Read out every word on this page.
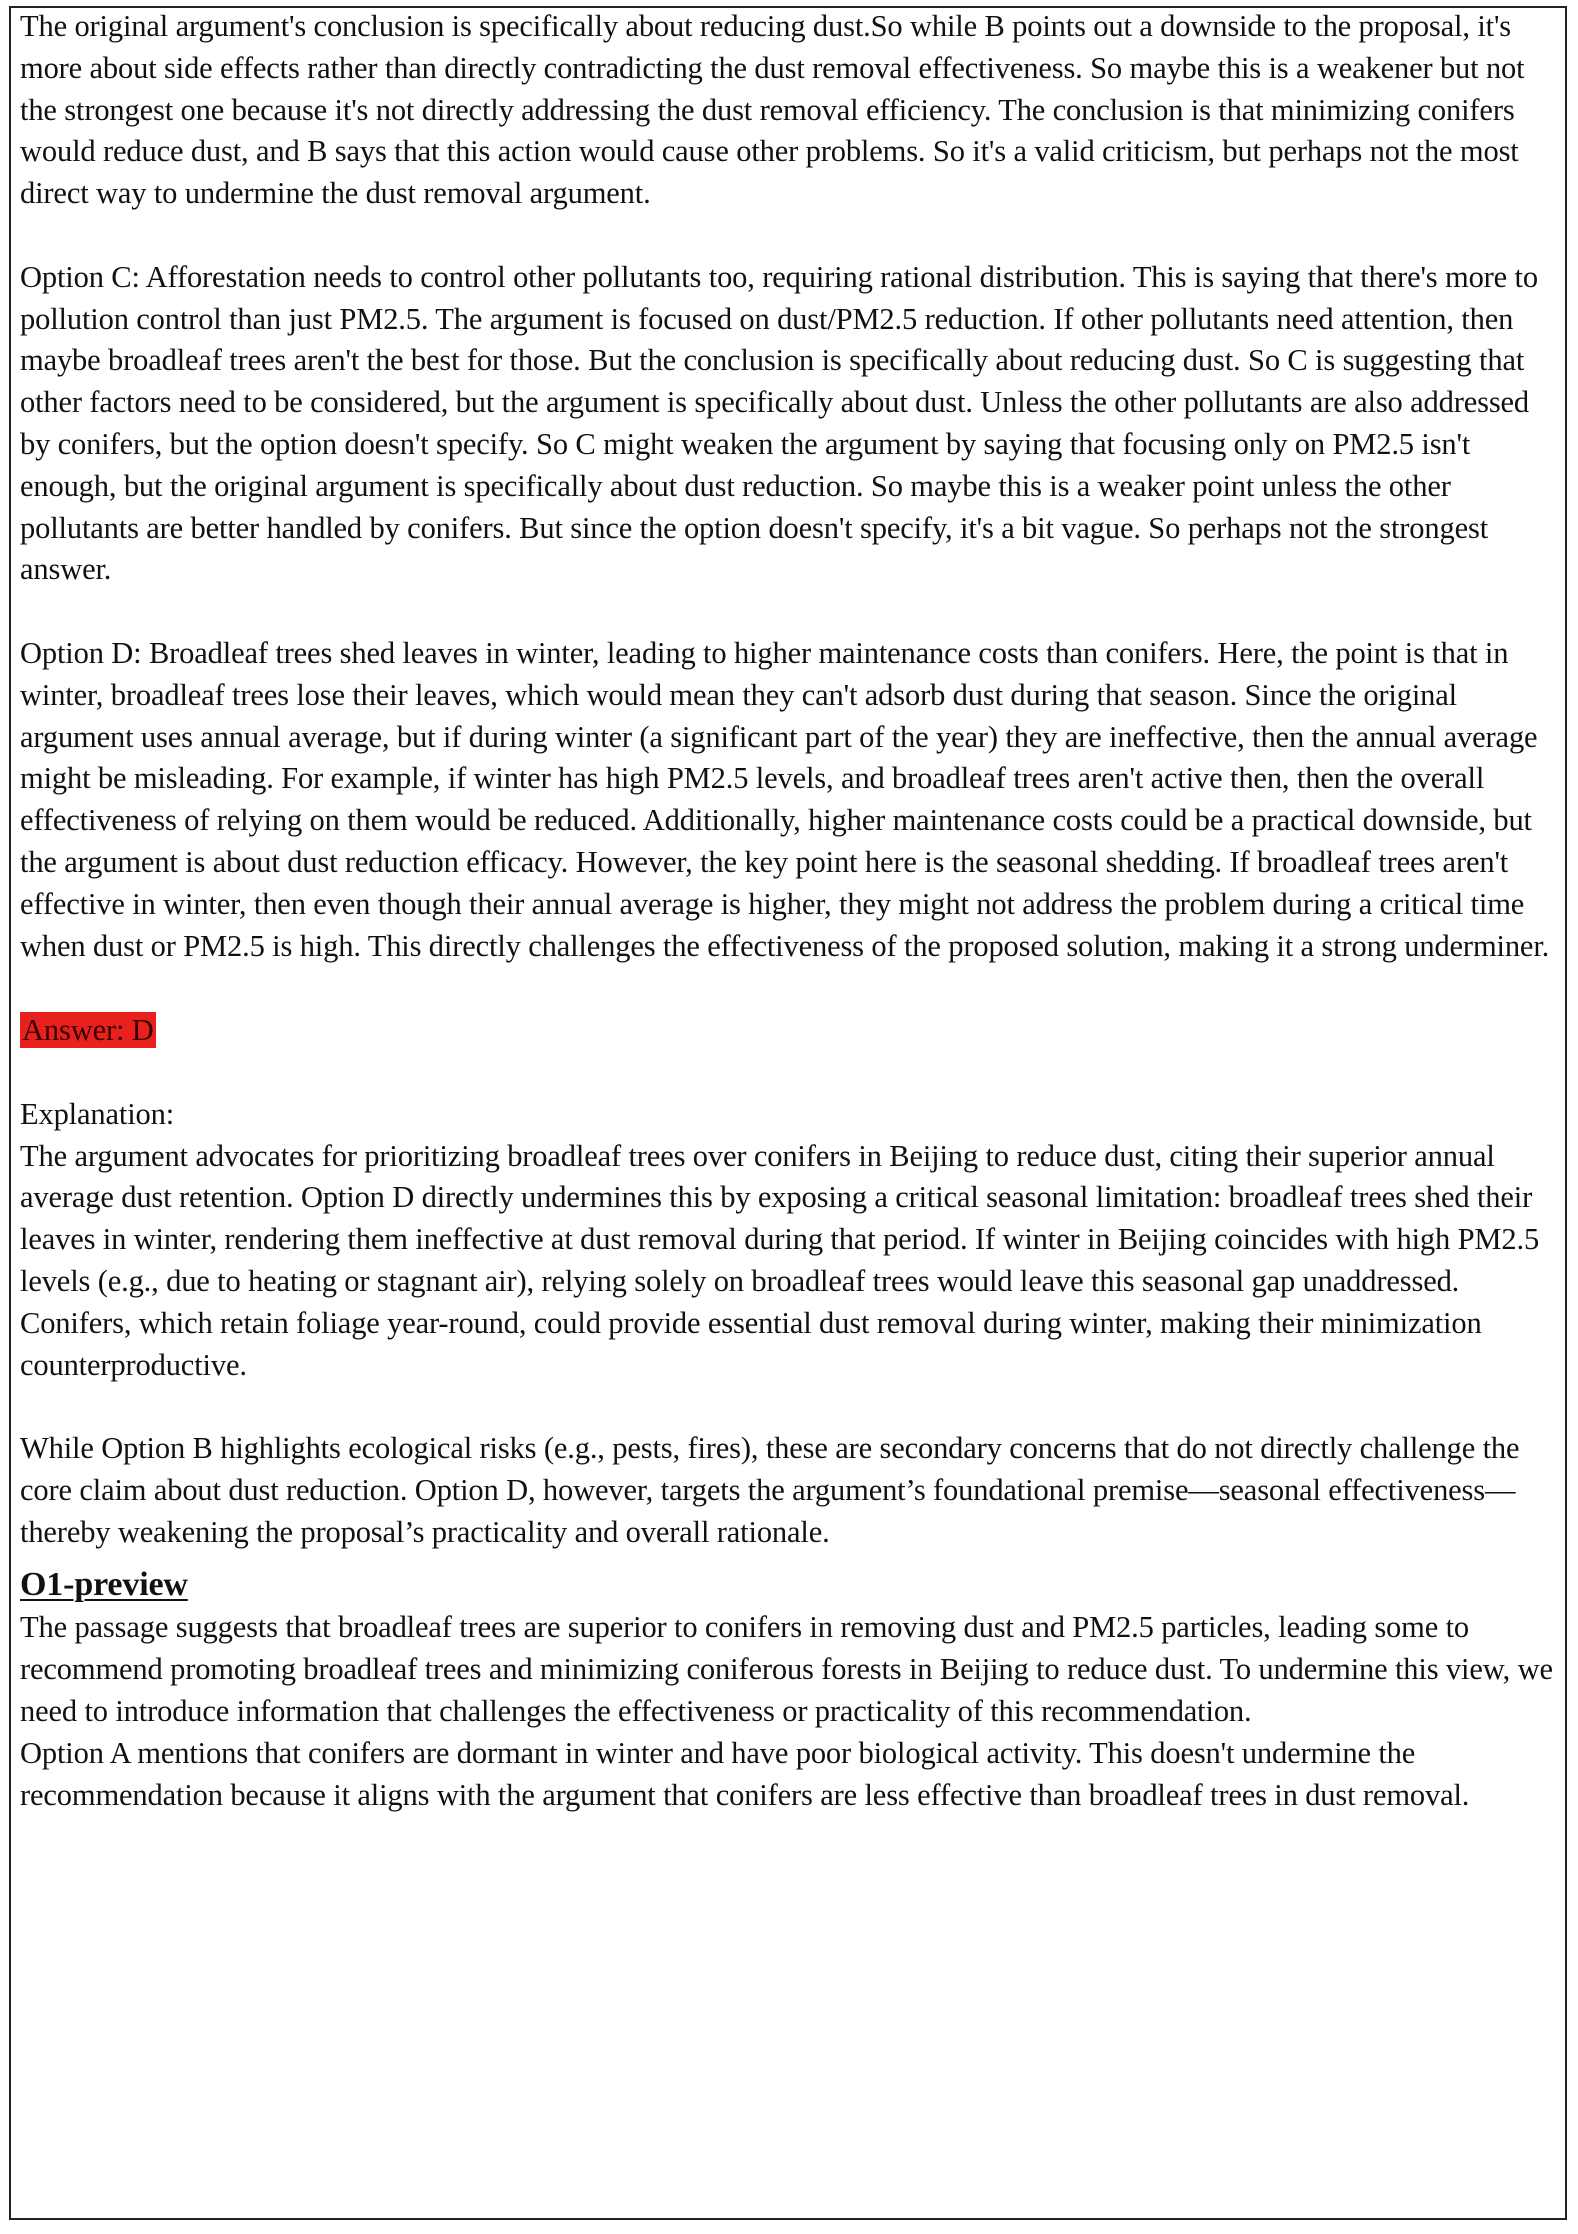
The original argument's conclusion is specifically about reducing dust.So while B points out a downside to the proposal, it's more about side effects rather than directly contradicting the dust removal effectiveness. So maybe this is a weakener but not the strongest one because it's not directly addressing the dust removal efficiency. The conclusion is that minimizing conifers would reduce dust, and B says that this action would cause other problems. So it's a valid criticism, but perhaps not the most direct way to undermine the dust removal argument.

Option C: Afforestation needs to control other pollutants too, requiring rational distribution. This is saying that there's more to pollution control than just PM2.5. The argument is focused on dust/PM2.5 reduction. If other pollutants need attention, then maybe broadleaf trees aren't the best for those. But the conclusion is specifically about reducing dust. So C is suggesting that other factors need to be considered, but the argument is specifically about dust. Unless the other pollutants are also addressed by conifers, but the option doesn't specify. So C might weaken the argument by saying that focusing only on PM2.5 isn't enough, but the original argument is specifically about dust reduction. So maybe this is a weaker point unless the other pollutants are better handled by conifers. But since the option doesn't specify, it's a bit vague. So perhaps not the strongest answer.

Option D: Broadleaf trees shed leaves in winter, leading to higher maintenance costs than conifers. Here, the point is that in winter, broadleaf trees lose their leaves, which would mean they can't adsorb dust during that season. Since the original argument uses annual average, but if during winter (a significant part of the year) they are ineffective, then the annual average might be misleading. For example, if winter has high PM2.5 levels, and broadleaf trees aren't active then, then the overall effectiveness of relying on them would be reduced. Additionally, higher maintenance costs could be a practical downside, but the argument is about dust reduction efficacy. However, the key point here is the seasonal shedding. If broadleaf trees aren't effective in winter, then even though their annual average is higher, they might not address the problem during a critical time when dust or PM2.5 is high. This directly challenges the effectiveness of the proposed solution, making it a strong underminer.

Answer: D

Explanation:

The argument advocates for prioritizing broadleaf trees over conifers in Beijing to reduce dust, citing their superior annual average dust retention. Option D directly undermines this by exposing a critical seasonal limitation: broadleaf trees shed their leaves in winter, rendering them ineffective at dust removal during that period. If winter in Beijing coincides with high PM2.5 levels (e.g., due to heating or stagnant air), relying solely on broadleaf trees would leave this seasonal gap unaddressed. Conifers, which retain foliage year-round, could provide essential dust removal during winter, making their minimization counterproductive.

While Option B highlights ecological risks (e.g., pests, fires), these are secondary concerns that do not directly challenge the core claim about dust reduction. Option D, however, targets the argument’s foundational premise—seasonal effectiveness—thereby weakening the proposal’s practicality and overall rationale.

O1-preview

The passage suggests that broadleaf trees are superior to conifers in removing dust and PM2.5 particles, leading some to recommend promoting broadleaf trees and minimizing coniferous forests in Beijing to reduce dust. To undermine this view, we need to introduce information that challenges the effectiveness or practicality of this recommendation.

Option A mentions that conifers are dormant in winter and have poor biological activity. This doesn't undermine the recommendation because it aligns with the argument that conifers are less effective than broadleaf trees in dust removal.
